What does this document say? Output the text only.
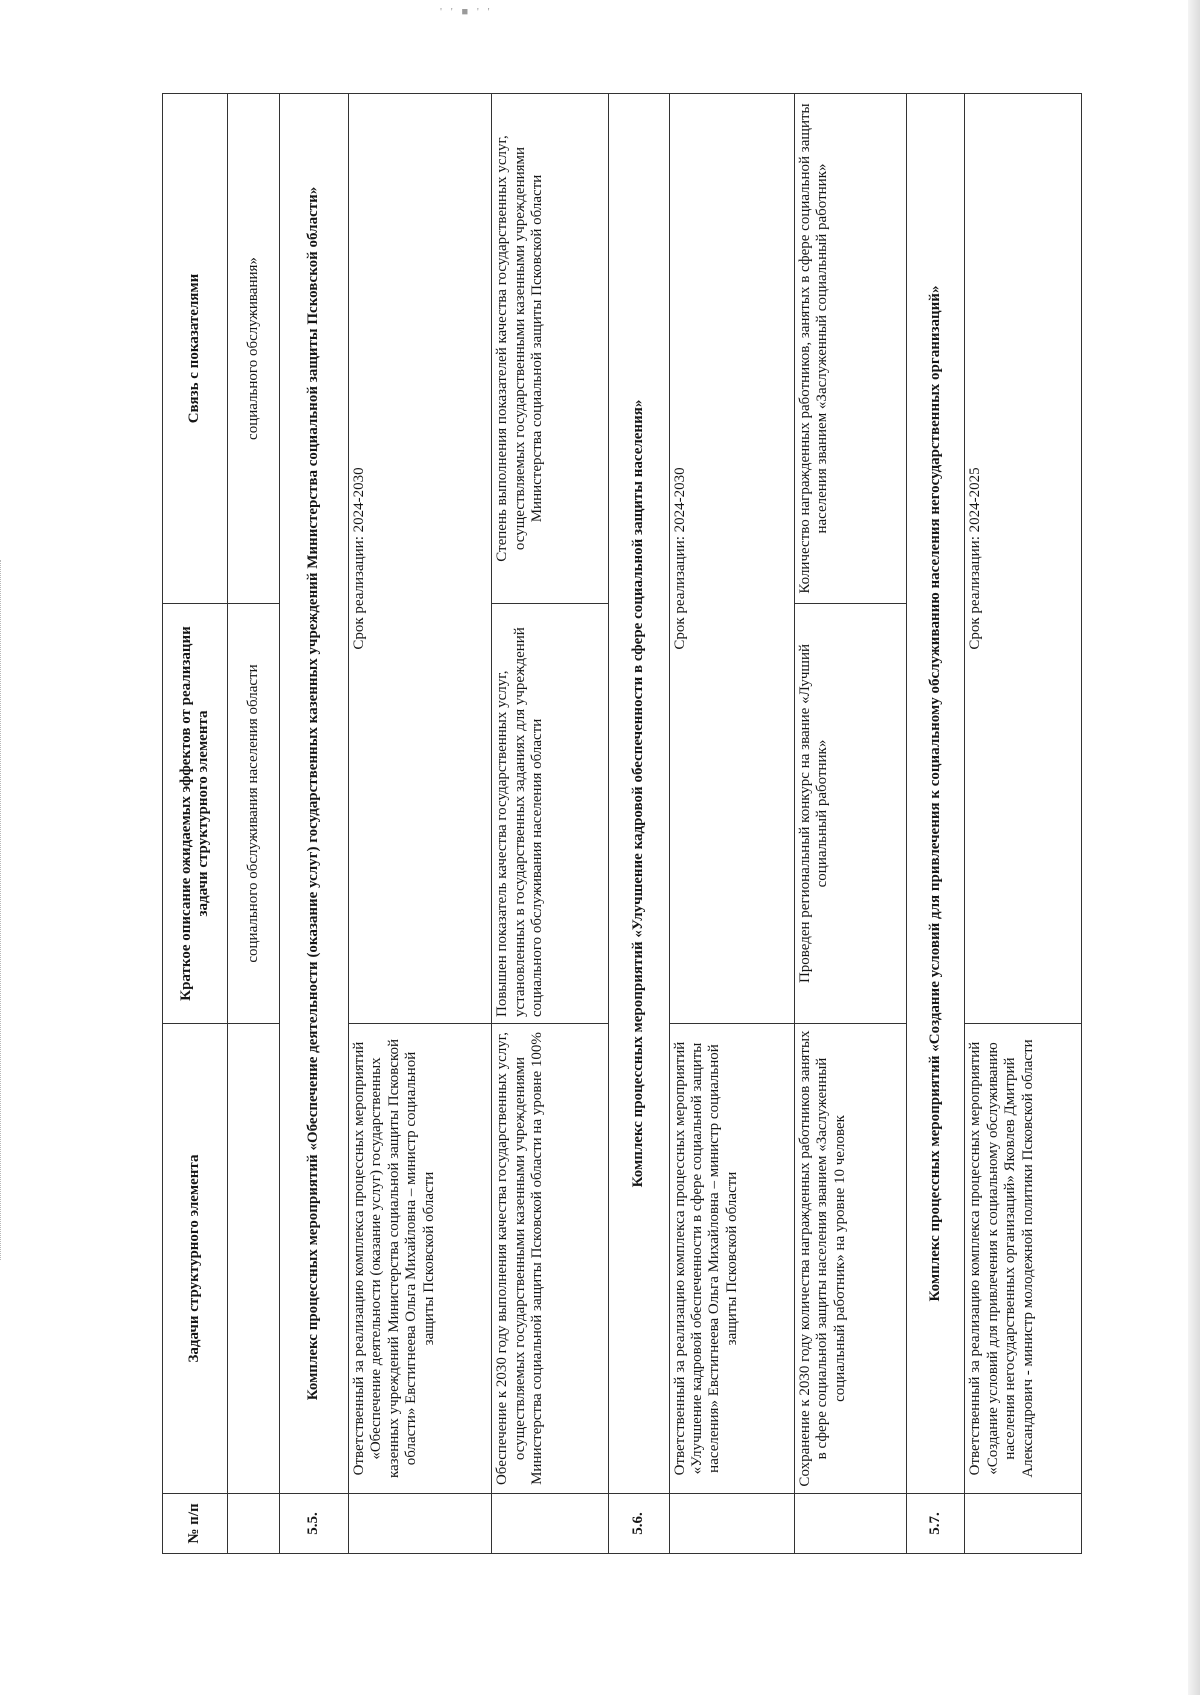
' ' ■ ' '
№ п/п	Задачи структурного элемента	Краткое описание ожидаемых эффектов от реализации задачи структурного элемента	Связь с показателями
		социального обслуживания населения области	социального обслуживания»
5.5.	Комплекс процессных мероприятий «Обеспечение деятельности (оказание услуг) государственных казенных учреждений Министерства социальной защиты Псковской области»		
	Ответственный за реализацию комплекса процессных мероприятий «Обеспечение деятельности (оказание услуг) государственных казенных учреждений Министерства социальной защиты Псковской области» Евстигнеева Ольга Михайловна – министр социальной защиты Псковской области	Срок реализации: 2024-2030	
	Обеспечение к 2030 году выполнения качества государственных услуг, осуществляемых государственными казенными учреждениями Министерства социальной защиты Псковской области на уровне 100%	Повышен показатель качества государственных услуг, установленных в государственных заданиях для учреждений социального обслуживания населения области	Степень выполнения показателей качества государственных услуг, осуществляемых государственными казенными учреждениями Министерства социальной защиты Псковской области
5.6.	Комплекс процессных мероприятий «Улучшение кадровой обеспеченности в сфере социальной защиты населения»		
	Ответственный за реализацию комплекса процессных мероприятий «Улучшение кадровой обеспеченности в сфере социальной защиты населения» Евстигнеева Ольга Михайловна – министр социальной защиты Псковской области	Срок реализации: 2024-2030	
	Сохранение к 2030 году количества награжденных работников занятых в сфере социальной защиты населения званием «Заслуженный социальный работник» на уровне 10 человек	Проведен региональный конкурс на звание «Лучший социальный работник»	Количество награжденных работников, занятых в сфере социальной защиты населения званием «Заслуженный социальный работник»
5.7.	Комплекс процессных мероприятий «Создание условий для привлечения к социальному обслуживанию населения негосударственных организаций»		
	Ответственный за реализацию комплекса процессных мероприятий «Создание условий для привлечения к социальному обслуживанию населения негосударственных организаций» Яковлев Дмитрий Александрович - министр молодежной политики Псковской области	Срок реализации: 2024-2025	
